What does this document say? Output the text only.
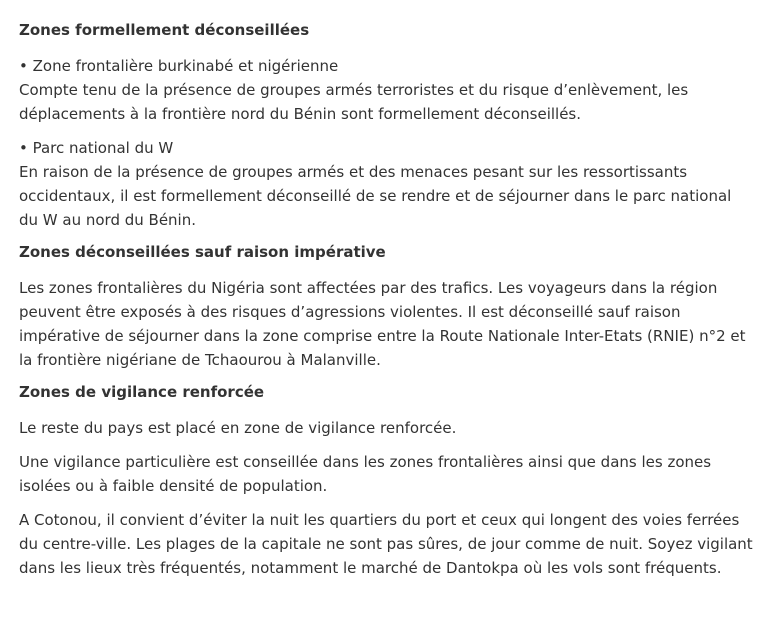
Zones formellement déconseillées
• Zone frontalière burkinabé et nigérienne
Compte tenu de la présence de groupes armés terroristes et du risque d’enlèvement, les
déplacements à la frontière nord du Bénin sont formellement déconseillés.
• Parc national du W
En raison de la présence de groupes armés et des menaces pesant sur les ressortissants
occidentaux, il est formellement déconseillé de se rendre et de séjourner dans le parc national
du W au nord du Bénin.
Zones déconseillées sauf raison impérative
Les zones frontalières du Nigéria sont affectées par des trafics. Les voyageurs dans la région
peuvent être exposés à des risques d’agressions violentes. Il est déconseillé sauf raison
impérative de séjourner dans la zone comprise entre la Route Nationale Inter-Etats (RNIE) n°2 et
la frontière nigériane de Tchaourou à Malanville.
Zones de vigilance renforcée
Le reste du pays est placé en zone de vigilance renforcée.
Une vigilance particulière est conseillée dans les zones frontalières ainsi que dans les zones
isolées ou à faible densité de population.
A Cotonou, il convient d’éviter la nuit les quartiers du port et ceux qui longent des voies ferrées
du centre-ville. Les plages de la capitale ne sont pas sûres, de jour comme de nuit. Soyez vigilant
dans les lieux très fréquentés, notamment le marché de Dantokpa où les vols sont fréquents.
